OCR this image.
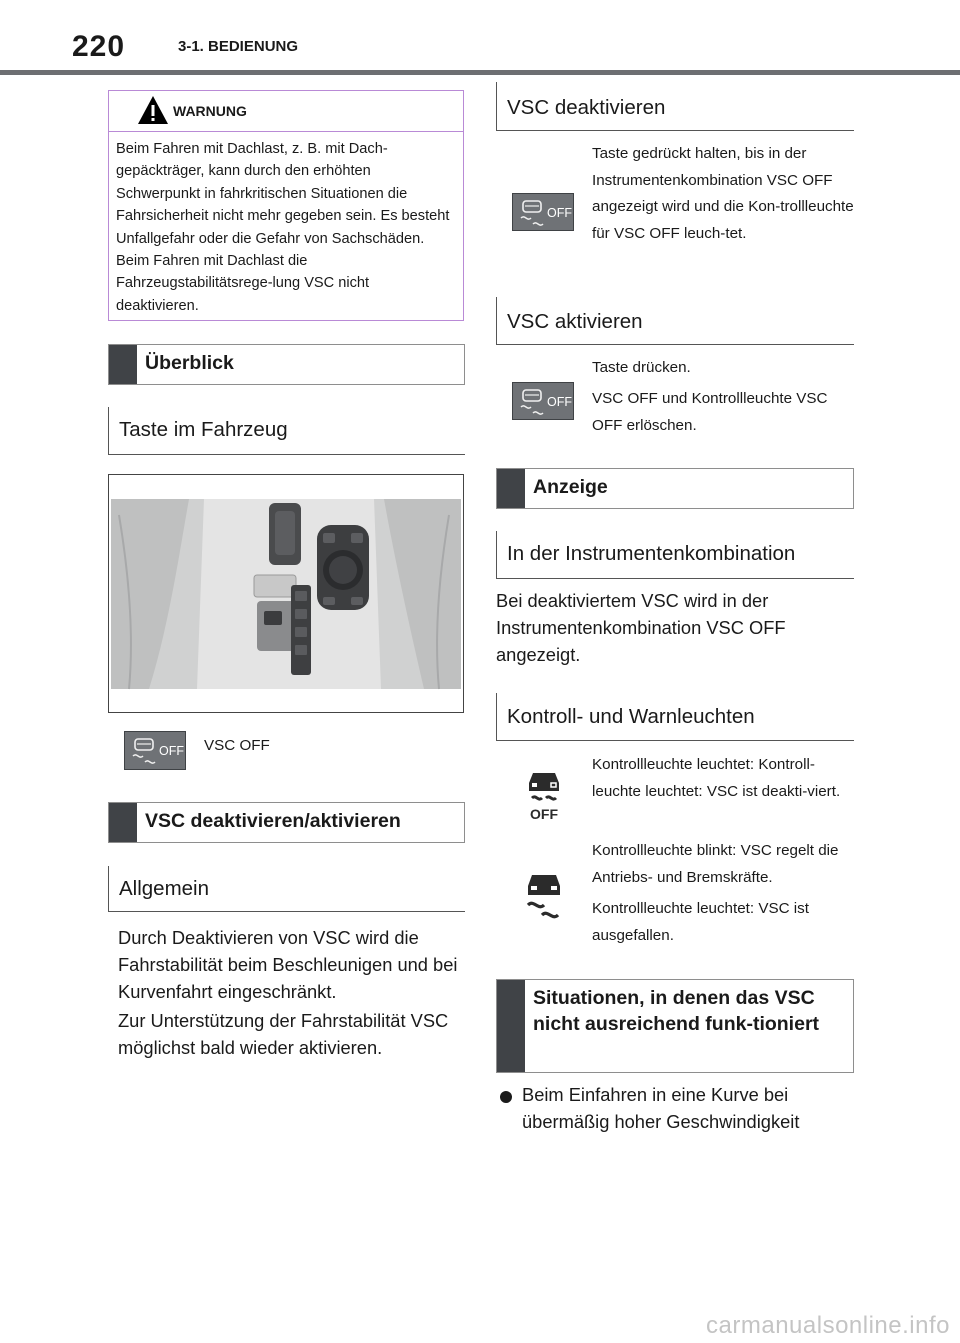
220	3-1. BEDIENUNG
WARNUNG
Beim Fahren mit Dachlast, z. B. mit Dach-gepäckträger, kann durch den erhöhten Schwerpunkt in fahrkritischen Situationen die Fahrsicherheit nicht mehr gegeben sein. Es besteht Unfallgefahr oder die Gefahr von Sachschäden. Beim Fahren mit Dachlast die Fahrzeugstabilitätsrege-lung VSC nicht deaktivieren.
Überblick
Taste im Fahrzeug
OFF VSC OFF
VSC deaktivieren/aktivieren
Allgemein
Durch Deaktivieren von VSC wird die Fahrstabilität beim Beschleunigen und bei Kurvenfahrt eingeschränkt.
Zur Unterstützung der Fahrstabilität VSC möglichst bald wieder aktivieren.
VSC deaktivieren
OFF
Taste gedrückt halten, bis in der Instrumentenkombination VSC OFF angezeigt wird und die Kon-trollleuchte für VSC OFF leuch-tet.
VSC aktivieren
OFF
Taste drücken.
VSC OFF und Kontrollleuchte VSC OFF erlöschen.
Anzeige
In der Instrumentenkombination
Bei deaktiviertem VSC wird in der Instrumentenkombination VSC OFF angezeigt.
Kontroll- und Warnleuchten
OFF
Kontrollleuchte leuchtet: Kontroll-leuchte leuchtet: VSC ist deakti-viert.
Kontrollleuchte blinkt: VSC regelt die Antriebs- und Bremskräfte.
Kontrollleuchte leuchtet: VSC ist ausgefallen.
Situationen, in denen das VSC nicht ausreichend funk-tioniert
Beim Einfahren in eine Kurve bei übermäßig hoher Geschwindigkeit
carmanualsonline.info
